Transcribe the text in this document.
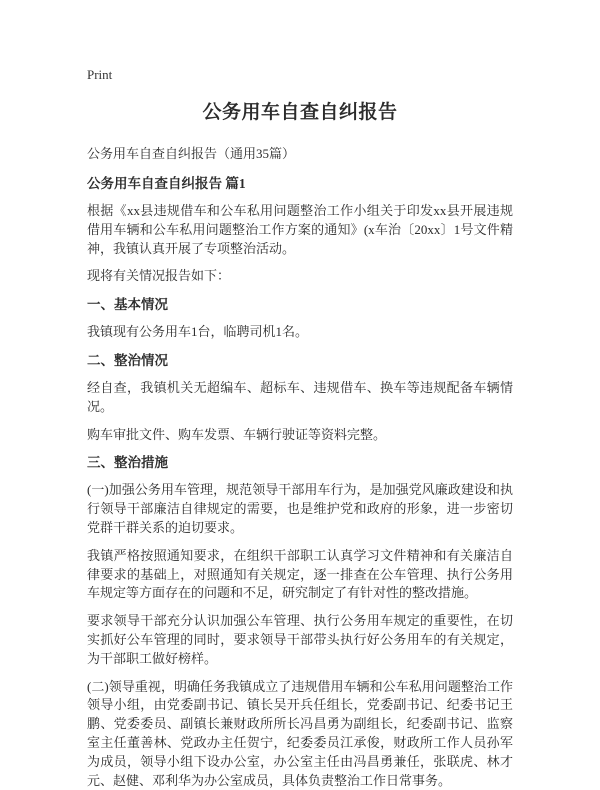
Print
公务用车自查自纠报告

公务用车自查自纠报告（通用35篇）

公务用车自查自纠报告 篇1

根据《xx县违规借车和公车私用问题整治工作小组关于印发xx县开展违规借用车辆和公车私用问题整治工作方案的通知》(x车治〔20xx〕1号文件精神，我镇认真开展了专项整治活动。

现将有关情况报告如下：

一、基本情况

我镇现有公务用车1台，临聘司机1名。

二、整治情况

经自查，我镇机关无超编车、超标车、违规借车、换车等违规配备车辆情况。

购车审批文件、购车发票、车辆行驶证等资料完整。

三、整治措施

(一)加强公务用车管理，规范领导干部用车行为，是加强党风廉政建设和执行领导干部廉洁自律规定的需要，也是维护党和政府的形象，进一步密切党群干群关系的迫切要求。

我镇严格按照通知要求，在组织干部职工认真学习文件精神和有关廉洁自律要求的基础上，对照通知有关规定，逐一排查在公车管理、执行公务用车规定等方面存在的问题和不足，研究制定了有针对性的整改措施。

要求领导干部充分认识加强公车管理、执行公务用车规定的重要性，在切实抓好公车管理的同时，要求领导干部带头执行好公务用车的有关规定，为干部职工做好榜样。

(二)领导重视，明确任务我镇成立了违规借用车辆和公车私用问题整治工作领导小组，由党委副书记、镇长吴开兵任组长，党委副书记、纪委书记王鹏、党委委员、副镇长兼财政所所长冯昌勇为副组长，纪委副书记、监察室主任董善林、党政办主任贺宁，纪委委员江承俊，财政所工作人员孙军为成员，领导小组下设办公室，办公室主任由冯昌勇兼任，张联虎、林才元、赵健、邓利华为办公室成员，具体负责整治工作日常事务。
